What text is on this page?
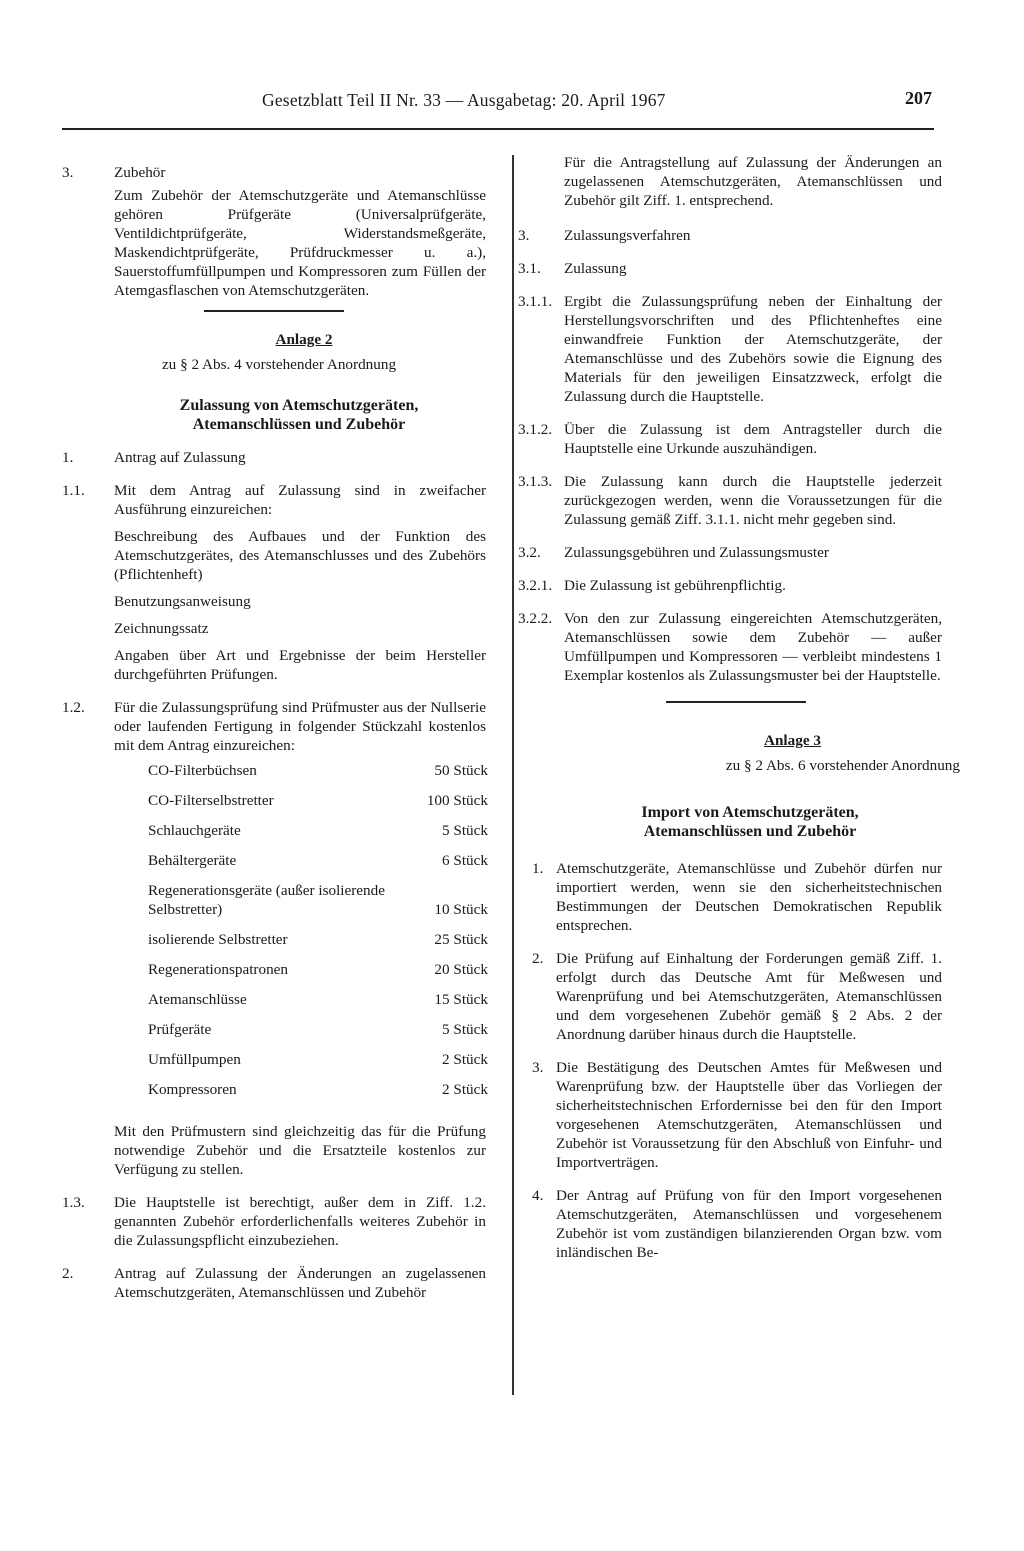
Gesetzblatt Teil II Nr. 33 — Ausgabetag: 20. April 1967	207
3.	Zubehör
Zum Zubehör der Atemschutzgeräte und Atemanschlüsse gehören Prüfgeräte (Universalprüfgeräte, Ventildichtprüfgeräte, Widerstandsmeßgeräte, Maskendichtprüfgeräte, Prüfdruckmesser u. a.), Sauerstoffumfüllpumpen und Kompressoren zum Füllen der Atemgasflaschen von Atemschutzgeräten.
Anlage 2
zu § 2 Abs. 4 vorstehender Anordnung
Zulassung von Atemschutzgeräten,
Atemanschlüssen und Zubehör
1.	Antrag auf Zulassung
1.1.	Mit dem Antrag auf Zulassung sind in zweifacher Ausführung einzureichen:
Beschreibung des Aufbaues und der Funktion des Atemschutzgerätes, des Atemanschlusses und des Zubehörs (Pflichtenheft)
Benutzungsanweisung
Zeichnungssatz
Angaben über Art und Ergebnisse der beim Hersteller durchgeführten Prüfungen.
1.2.	Für die Zulassungsprüfung sind Prüfmuster aus der Nullserie oder laufenden Fertigung in folgender Stückzahl kostenlos mit dem Antrag einzureichen:
CO-Filterbüchsen	50 Stück
CO-Filterselbstretter	100 Stück
Schlauchgeräte	5 Stück
Behältergeräte	6 Stück
Regenerationsgeräte (außer isolierende Selbstretter)	10 Stück
isolierende Selbstretter	25 Stück
Regenerationspatronen	20 Stück
Atemanschlüsse	15 Stück
Prüfgeräte	5 Stück
Umfüllpumpen	2 Stück
Kompressoren	2 Stück
Mit den Prüfmustern sind gleichzeitig das für die Prüfung notwendige Zubehör und die Ersatzteile kostenlos zur Verfügung zu stellen.
1.3.	Die Hauptstelle ist berechtigt, außer dem in Ziff. 1.2. genannten Zubehör erforderlichenfalls weiteres Zubehör in die Zulassungspflicht einzubeziehen.
2.	Antrag auf Zulassung der Änderungen an zugelassenen Atemschutzgeräten, Atemanschlüssen und Zubehör
Für die Antragstellung auf Zulassung der Änderungen an zugelassenen Atemschutzgeräten, Atemanschlüssen und Zubehör gilt Ziff. 1. entsprechend.
3.	Zulassungsverfahren
3.1.	Zulassung
3.1.1. Ergibt die Zulassungsprüfung neben der Einhaltung der Herstellungsvorschriften und des Pflichtenheftes eine einwandfreie Funktion der Atemschutzgeräte, der Atemanschlüsse und des Zubehörs sowie die Eignung des Materials für den jeweiligen Einsatzzweck, erfolgt die Zulassung durch die Hauptstelle.
3.1.2. Über die Zulassung ist dem Antragsteller durch die Hauptstelle eine Urkunde auszuhändigen.
3.1.3. Die Zulassung kann durch die Hauptstelle jederzeit zurückgezogen werden, wenn die Voraussetzungen für die Zulassung gemäß Ziff. 3.1.1. nicht mehr gegeben sind.
3.2.	Zulassungsgebühren und Zulassungsmuster
3.2.1. Die Zulassung ist gebührenpflichtig.
3.2.2. Von den zur Zulassung eingereichten Atemschutzgeräten, Atemanschlüssen sowie dem Zubehör — außer Umfüllpumpen und Kompressoren — verbleibt mindestens 1 Exemplar kostenlos als Zulassungsmuster bei der Hauptstelle.
Anlage 3
zu § 2 Abs. 6 vorstehender Anordnung
Import von Atemschutzgeräten,
Atemanschlüssen und Zubehör
1. Atemschutzgeräte, Atemanschlüsse und Zubehör dürfen nur importiert werden, wenn sie den sicherheitstechnischen Bestimmungen der Deutschen Demokratischen Republik entsprechen.
2. Die Prüfung auf Einhaltung der Forderungen gemäß Ziff. 1. erfolgt durch das Deutsche Amt für Meßwesen und Warenprüfung und bei Atemschutzgeräten, Atemanschlüssen und dem vorgesehenen Zubehör gemäß § 2 Abs. 2 der Anordnung darüber hinaus durch die Hauptstelle.
3. Die Bestätigung des Deutschen Amtes für Meßwesen und Warenprüfung bzw. der Hauptstelle über das Vorliegen der sicherheitstechnischen Erfordernisse bei den für den Import vorgesehenen Atemschutzgeräten, Atemanschlüssen und Zubehör ist Voraussetzung für den Abschluß von Einfuhr- und Importverträgen.
4. Der Antrag auf Prüfung von für den Import vorgesehenen Atemschutzgeräten, Atemanschlüssen und vorgesehenem Zubehör ist vom zuständigen bilanzierenden Organ bzw. vom inländischen Be-
